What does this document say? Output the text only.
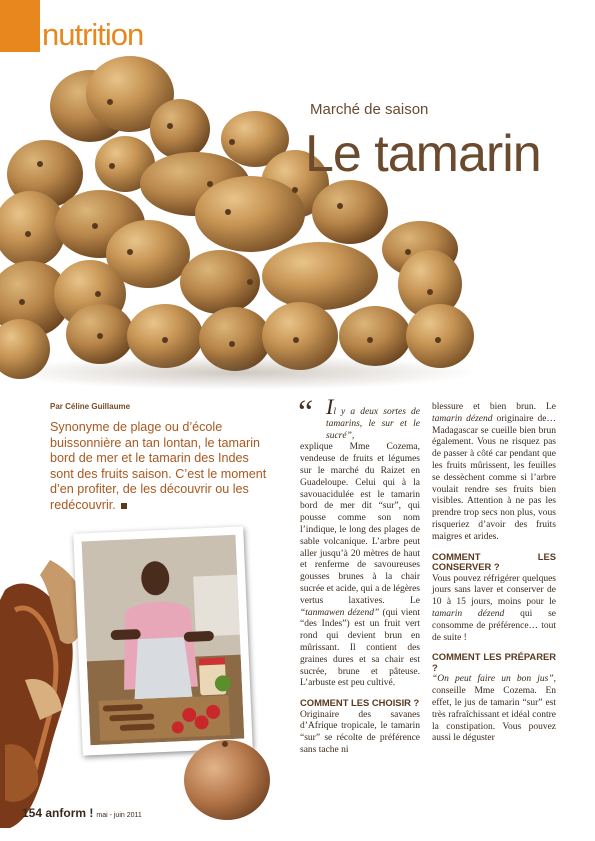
nutrition
Marché de saison
Le tamarin
Par Céline Guillaume
Synonyme de plage ou d’école buissonnière an tan lontan, le tamarin bord de mer et le tamarin des Indes sont des fruits saison. C’est le moment d’en profiter, de les découvrir ou les redécouvrir.
“ Il y a deux sortes de tamarins, le sur et le sucré”,
explique Mme Cozema, vendeuse de fruits et légumes sur le marché du Raizet en Guadeloupe. Celui qui à la savouacidulée est le tamarin bord de mer dit “sur”, qui pousse comme son nom l’indique, le long des plages de sable volcanique. L’arbre peut aller jusqu’à 20 mètres de haut et renferme de savoureuses gousses brunes à la chair sucrée et acide, qui a de légères vertus laxatives. Le “tanmawen dézend” (qui vient “des Indes”) est un fruit vert rond qui devient brun en mûrissant. Il contient des graines dures et sa chair est sucrée, brune et pâteuse. L’arbuste est peu cultivé.

COMMENT LES CHOISIR ?

Originaire des savanes d’Afrique tropicale, le tamarin “sur” se récolte de préférence sans tache ni

blessure et bien brun. Le tamarin dézend originaire de… Madagascar se cueille bien brun également. Vous ne risquez pas de passer à côté car pendant que les fruits mûrissent, les feuilles se dessèchent comme si l’arbre voulait rendre ses fruits bien visibles. Attention à ne pas les prendre trop secs non plus, vous risqueriez d’avoir des fruits maigres et arides.

COMMENT LES CONSERVER ?

Vous pouvez réfrigérer quelques jours sans laver et conserver de 10 à 15 jours, moins pour le tamarin dézend qui se consomme de préférence… tout de suite !

COMMENT LES PRÉPARER ?

“On peut faire un bon jus”, conseille Mme Cozema. En effet, le jus de tamarin “sur” est très rafraîchissant et idéal contre la constipation. Vous pouvez aussi le déguster

154 anform ! mai - juin 2011
